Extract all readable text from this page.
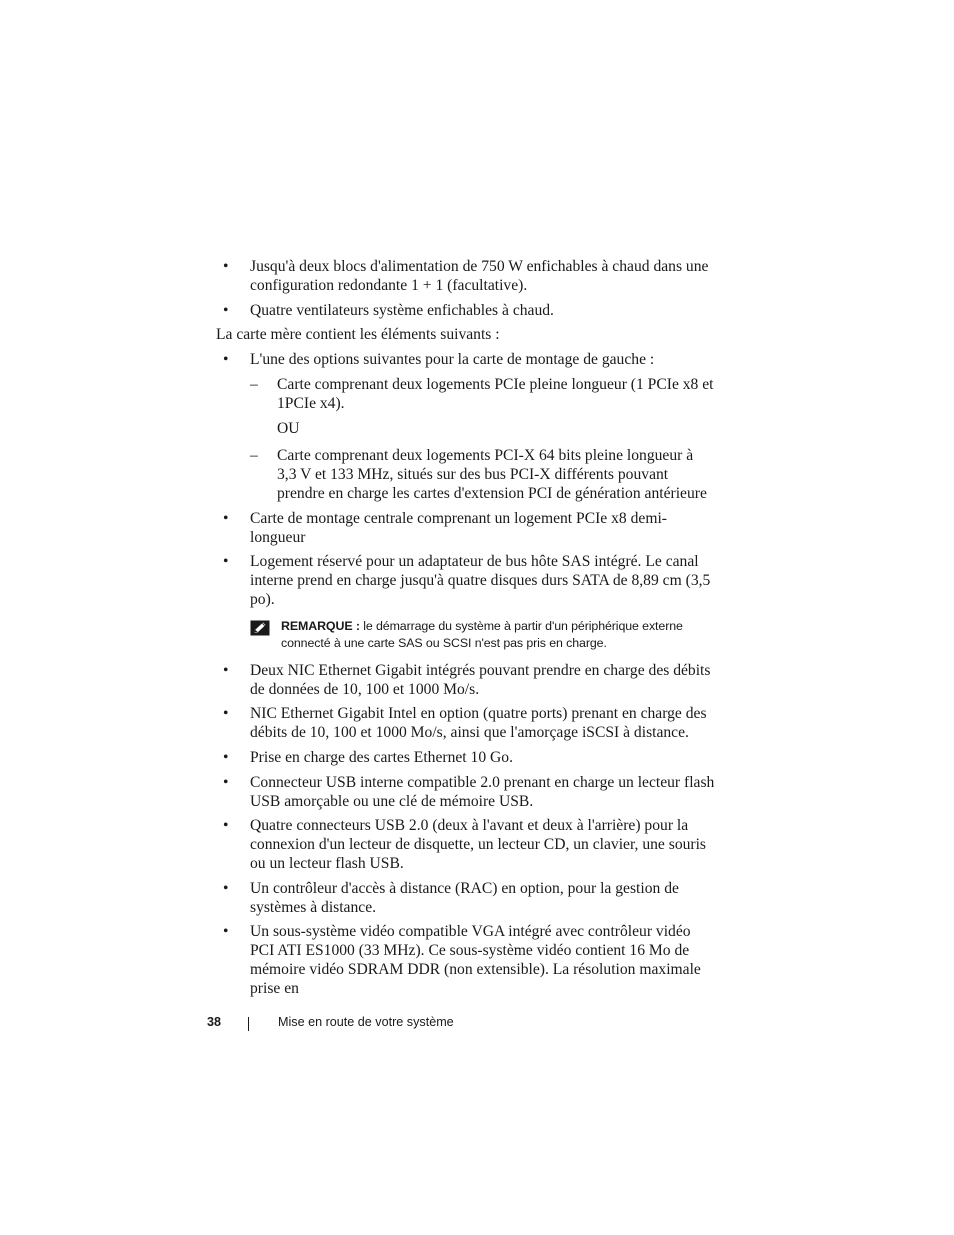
• Jusqu'à deux blocs d'alimentation de 750 W enfichables à chaud dans une configuration redondante 1 + 1 (facultative).
• Quatre ventilateurs système enfichables à chaud.

La carte mère contient les éléments suivants :

• L'une des options suivantes pour la carte de montage de gauche :
– Carte comprenant deux logements PCIe pleine longueur (1 PCIe x8 et 1PCIe x4).
OU
– Carte comprenant deux logements PCI-X 64 bits pleine longueur à 3,3 V et 133 MHz, situés sur des bus PCI-X différents pouvant prendre en charge les cartes d'extension PCI de génération antérieure
• Carte de montage centrale comprenant un logement PCIe x8 demi-longueur
• Logement réservé pour un adaptateur de bus hôte SAS intégré. Le canal interne prend en charge jusqu'à quatre disques durs SATA de 8,89 cm (3,5 po).
REMARQUE : le démarrage du système à partir d'un périphérique externe connecté à une carte SAS ou SCSI n'est pas pris en charge.
• Deux NIC Ethernet Gigabit intégrés pouvant prendre en charge des débits de données de 10, 100 et 1000 Mo/s.
• NIC Ethernet Gigabit Intel en option (quatre ports) prenant en charge des débits de 10, 100 et 1000 Mo/s, ainsi que l'amorçage iSCSI à distance.
• Prise en charge des cartes Ethernet 10 Go.
• Connecteur USB interne compatible 2.0 prenant en charge un lecteur flash USB amorçable ou une clé de mémoire USB.
• Quatre connecteurs USB 2.0 (deux à l'avant et deux à l'arrière) pour la connexion d'un lecteur de disquette, un lecteur CD, un clavier, une souris ou un lecteur flash USB.
• Un contrôleur d'accès à distance (RAC) en option, pour la gestion de systèmes à distance.
• Un sous-système vidéo compatible VGA intégré avec contrôleur vidéo PCI ATI ES1000 (33 MHz). Ce sous-système vidéo contient 16 Mo de mémoire vidéo SDRAM DDR (non extensible). La résolution maximale prise en
38	Mise en route de votre système
